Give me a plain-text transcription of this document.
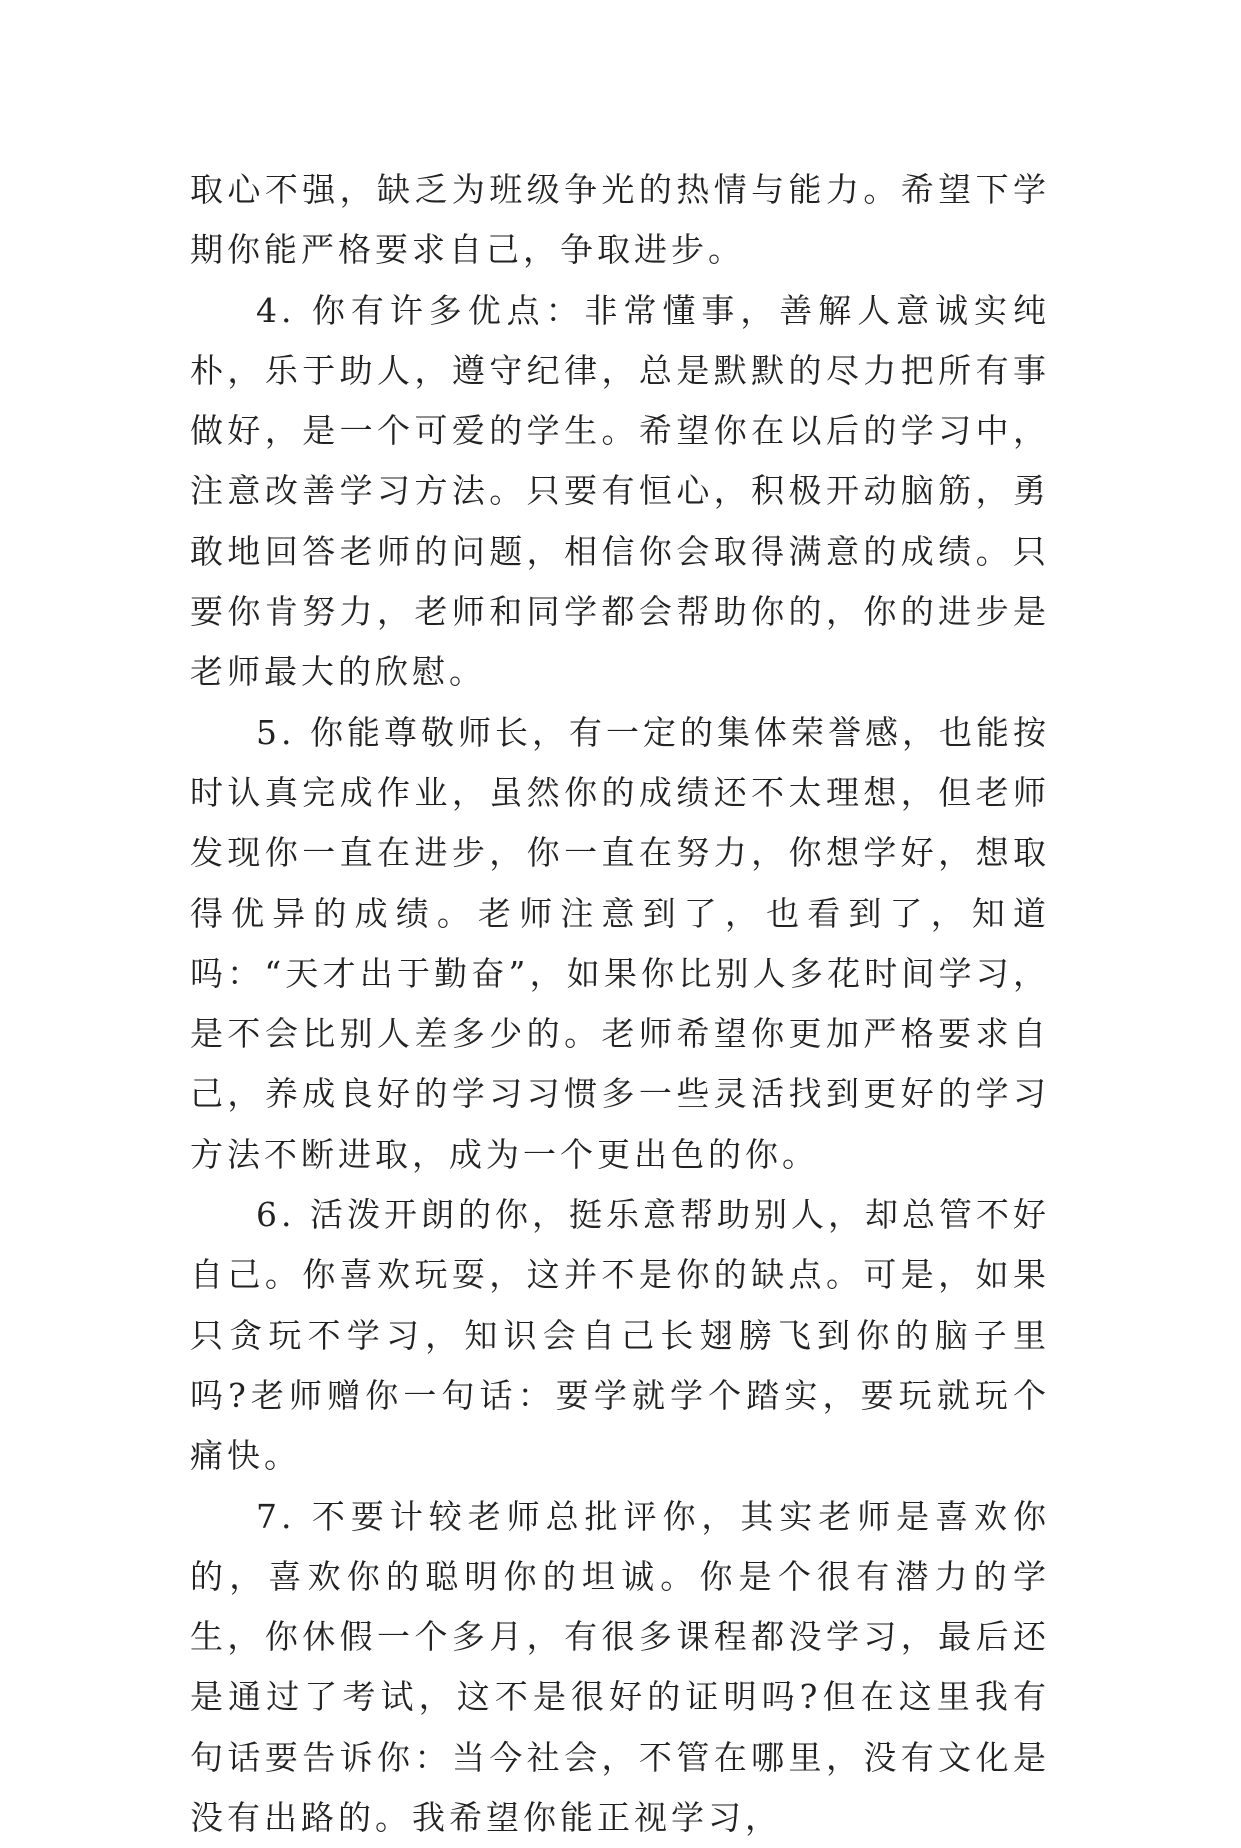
取心不强，缺乏为班级争光的热情与能力。希望下学期你能严格要求自己，争取进步。

4. 你有许多优点：非常懂事，善解人意诚实纯朴，乐于助人，遵守纪律，总是默默的尽力把所有事做好，是一个可爱的学生。希望你在以后的学习中，注意改善学习方法。只要有恒心，积极开动脑筋，勇敢地回答老师的问题，相信你会取得满意的成绩。只要你肯努力，老师和同学都会帮助你的，你的进步是老师最大的欣慰。

5. 你能尊敬师长，有一定的集体荣誉感，也能按时认真完成作业，虽然你的成绩还不太理想，但老师发现你一直在进步，你一直在努力，你想学好，想取得优异的成绩。老师注意到了，也看到了，知道吗：“天才出于勤奋”，如果你比别人多花时间学习，是不会比别人差多少的。老师希望你更加严格要求自己，养成良好的学习习惯多一些灵活找到更好的学习方法不断进取，成为一个更出色的你。

6. 活泼开朗的你，挺乐意帮助别人，却总管不好自己。你喜欢玩耍，这并不是你的缺点。可是，如果只贪玩不学习，知识会自己长翅膀飞到你的脑子里吗?老师赠你一句话：要学就学个踏实，要玩就玩个痛快。

7. 不要计较老师总批评你，其实老师是喜欢你的，喜欢你的聪明你的坦诚。你是个很有潜力的学生，你休假一个多月，有很多课程都没学习，最后还是通过了考试，这不是很好的证明吗?但在这里我有句话要告诉你：当今社会，不管在哪里，没有文化是没有出路的。我希望你能正视学习，
